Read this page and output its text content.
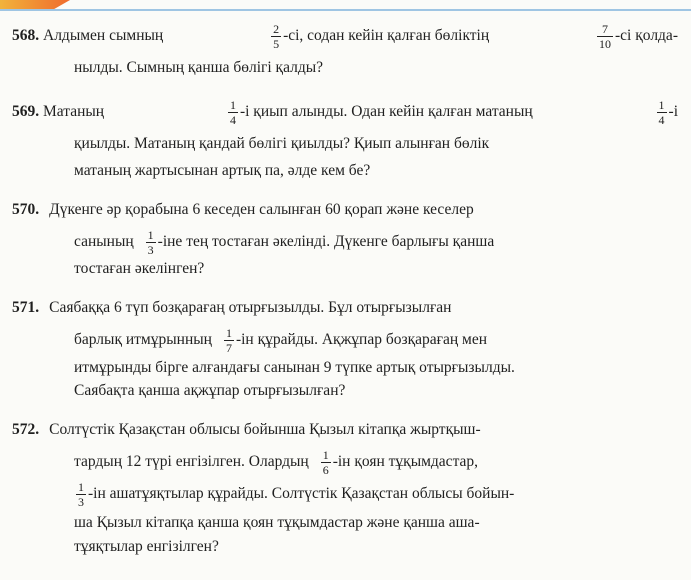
568.
Алдымен сымның	$\frac{2}{5} -сі$, содан кейін қалған бөліктің	$\frac{7}{10} -сі$ қолда-
нылды. Сымның қанша бөлігі қалды?
569.
Матаның	$\frac{1}{4} -і$ қиып алынды. Одан кейін қалған матаның	$\frac{1}{4} -і$
қиылды. Матаның қандай бөлігі қиылды? Қиып алынған бөлік
матаның жартысынан артық па, әлде кем бе?
570. Дүкенге әр қорабына 6 кеседен салынған 60 қорап және кеселер
санының $\frac{1}{3} -іне$ тең тостаған әкелінді. Дүкенге барлығы қанша
тостаған әкелінген?
571. Саябаққа 6 түп бозқарағаң отырғызылды. Бұл отырғызылған
барлық итмұрынның $\frac{1}{7} -ін$ құрайды. Ақжұпар бозқарағаң мен
итмұрынды бірге алғандағы санынан 9 түпке артық отырғызылды.
Саябақта қанша ақжұпар отырғызылған?
572. Солтүстік Қазақстан облысы бойынша Қызыл кітапқа жыртқыш-
тардың 12 түрі енгізілген. Олардың $\frac{1}{6} -ін$ қоян тұқымдастар,
$\frac{1}{3} -ін$ ашатұяқтылар құрайды. Солтүстік Қазақстан облысы бойын-
ша Қызыл кітапқа қанша қоян тұқымдастар және қанша аша-
тұяқтылар енгізілген?
